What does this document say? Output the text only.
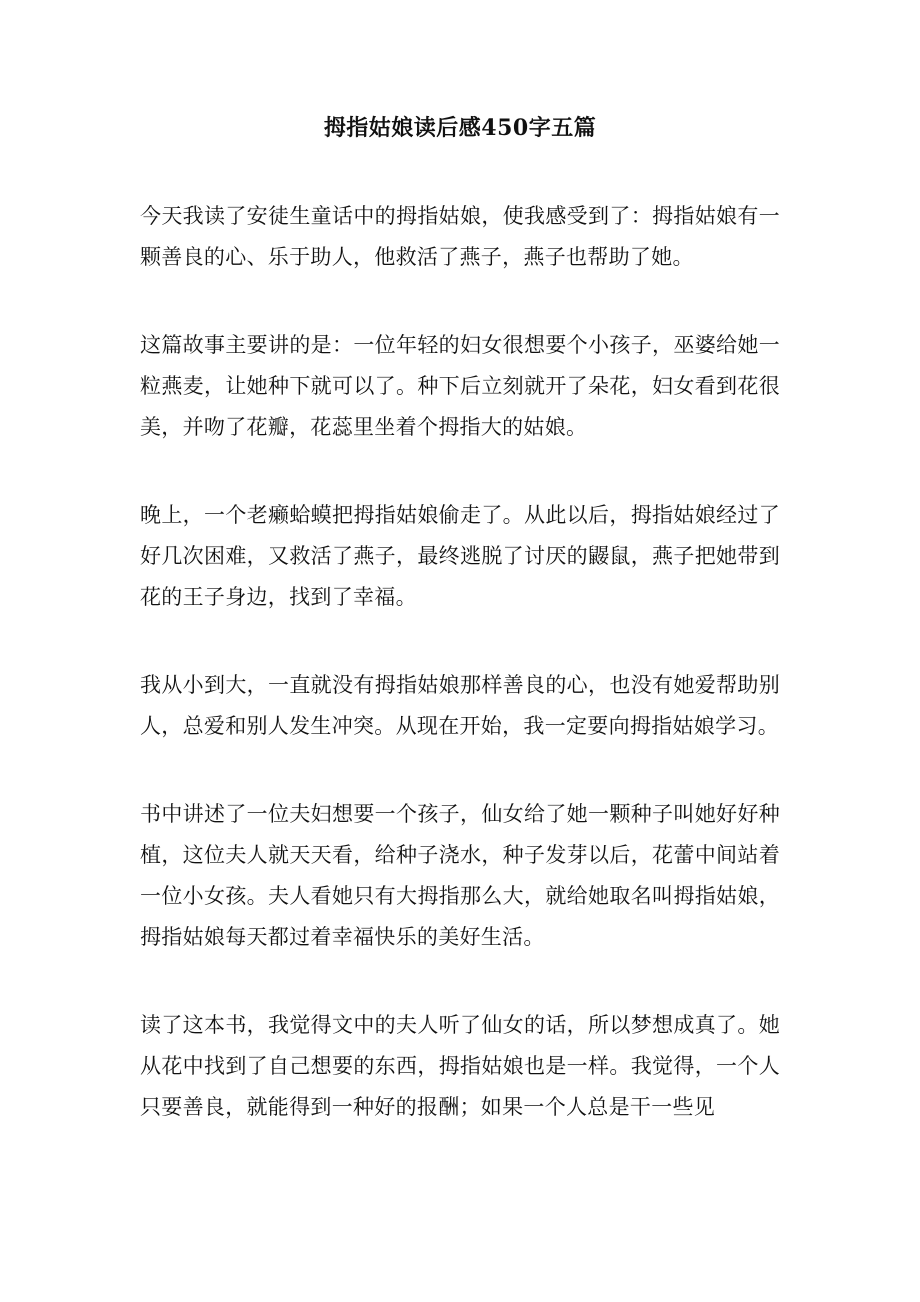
拇指姑娘读后感450字五篇

今天我读了安徒生童话中的拇指姑娘，使我感受到了：拇指姑娘有一颗善良的心、乐于助人，他救活了燕子，燕子也帮助了她。

这篇故事主要讲的是：一位年轻的妇女很想要个小孩子，巫婆给她一粒燕麦，让她种下就可以了。种下后立刻就开了朵花，妇女看到花很美，并吻了花瓣，花蕊里坐着个拇指大的姑娘。

晚上，一个老癞蛤蟆把拇指姑娘偷走了。从此以后，拇指姑娘经过了好几次困难，又救活了燕子，最终逃脱了讨厌的鼹鼠，燕子把她带到花的王子身边，找到了幸福。

我从小到大，一直就没有拇指姑娘那样善良的心，也没有她爱帮助别人，总爱和别人发生冲突。从现在开始，我一定要向拇指姑娘学习。

书中讲述了一位夫妇想要一个孩子，仙女给了她一颗种子叫她好好种植，这位夫人就天天看，给种子浇水，种子发芽以后，花蕾中间站着一位小女孩。夫人看她只有大拇指那么大，就给她取名叫拇指姑娘，拇指姑娘每天都过着幸福快乐的美好生活。

读了这本书，我觉得文中的夫人听了仙女的话，所以梦想成真了。她从花中找到了自己想要的东西，拇指姑娘也是一样。我觉得，一个人只要善良，就能得到一种好的报酬；如果一个人总是干一些见
